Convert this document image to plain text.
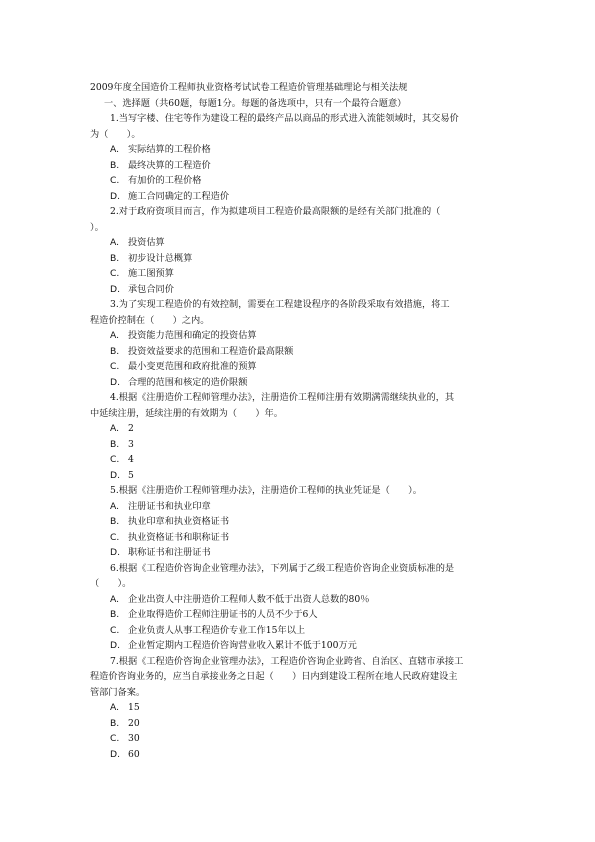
2009年度全国造价工程师执业资格考试试卷工程造价管理基础理论与相关法规
一、选择题（共60题，每题1分。每题的备选项中，只有一个最符合题意）
1.当写字楼、住宅等作为建设工程的最终产品以商品的形式进入流能领域时，其交易价
为（　　）。
A. 实际结算的工程价格
B. 最终决算的工程造价
C. 有加价的工程价格
D. 施工合同确定的工程造价
2.对于政府资项目而言，作为拟建项目工程造价最高限额的是经有关部门批准的（
）。
A. 投资估算
B. 初步设计总概算
C. 施工图预算
D. 承包合同价
3.为了实现工程造价的有效控制，需要在工程建设程序的各阶段采取有效措施，将工
程造价控制在（　　）之内。
A. 投资能力范围和确定的投资估算
B. 投资效益要求的范围和工程造价最高限额
C. 最小变更范围和政府批准的预算
D. 合理的范围和核定的造价限额
4.根据《注册造价工程师管理办法》，注册造价工程师注册有效期满需继续执业的，其
中延续注册，延续注册的有效期为（　　）年。
A. 2
B. 3
C. 4
D. 5
5.根据《注册造价工程师管理办法》，注册造价工程师的执业凭证是（　　）。
A. 注册证书和执业印章
B. 执业印章和执业资格证书
C. 执业资格证书和职称证书
D. 职称证书和注册证书
6.根据《工程造价咨询企业管理办法》，下列属于乙级工程造价咨询企业资质标准的是
（　　）。
A. 企业出资人中注册造价工程师人数不低于出资人总数的80％
B. 企业取得造价工程师注册证书的人员不少于6人
C. 企业负责人从事工程造价专业工作15年以上
D. 企业暂定期内工程造价咨询营业收入累计不低于100万元
7.根据《工程造价咨询企业管理办法》，工程造价咨询企业跨省、自治区、直辖市承接工
程造价咨询业务的，应当自承接业务之日起（　　）日内到建设工程所在地人民政府建设主
管部门备案。
A. 15
B. 20
C. 30
D. 60
